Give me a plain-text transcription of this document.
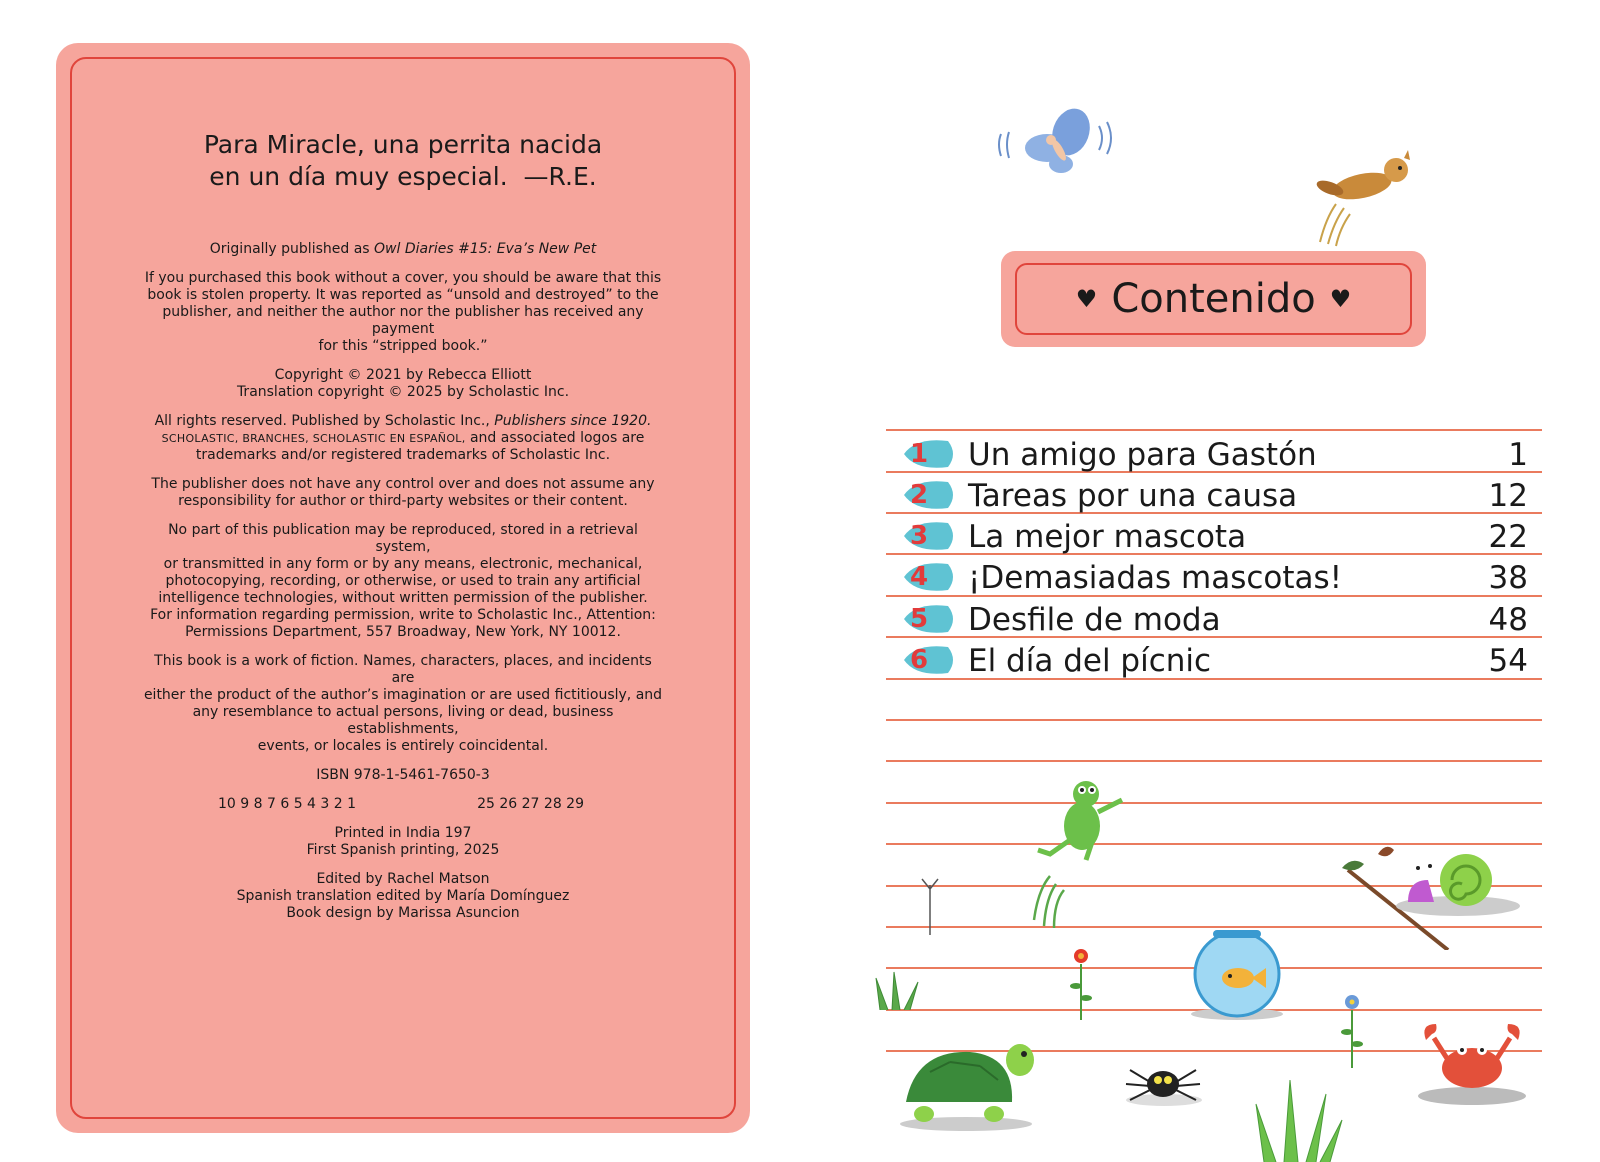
Para Miracle, una perrita nacida
en un día muy especial.  —R.E.

Originally published as Owl Diaries #15: Eva’s New Pet

If you purchased this book without a cover, you should be aware that this
book is stolen property. It was reported as “unsold and destroyed” to the
publisher, and neither the author nor the publisher has received any payment
for this “stripped book.”

Copyright © 2021 by Rebecca Elliott
Translation copyright © 2025 by Scholastic Inc.

All rights reserved. Published by Scholastic Inc., Publishers since 1920.
SCHOLASTIC, BRANCHES, SCHOLASTIC EN ESPAÑOL, and associated logos are
trademarks and/or registered trademarks of Scholastic Inc.

The publisher does not have any control over and does not assume any
responsibility for author or third-party websites or their content.

No part of this publication may be reproduced, stored in a retrieval system,
or transmitted in any form or by any means, electronic, mechanical,
photocopying, recording, or otherwise, or used to train any artificial
intelligence technologies, without written permission of the publisher.
For information regarding permission, write to Scholastic Inc., Attention:
Permissions Department, 557 Broadway, New York, NY 10012.

This book is a work of fiction. Names, characters, places, and incidents are
either the product of the author’s imagination or are used fictitiously, and
any resemblance to actual persons, living or dead, business establishments,
events, or locales is entirely coincidental.

ISBN 978-1-5461-7650-3

10 9 8 7 6 5 4 3 2 1	25 26 27 28 29

Printed in India 197
First Spanish printing, 2025

Edited by Rachel Matson
Spanish translation edited by María Domínguez
Book design by Marissa Asuncion

♥ Contenido ♥
1 Un amigo para Gastón	1
2 Tareas por una causa	12
3 La mejor mascota	22
4 ¡Demasiadas mascotas!	38
5 Desfile de moda	48
6 El día del pícnic	54
